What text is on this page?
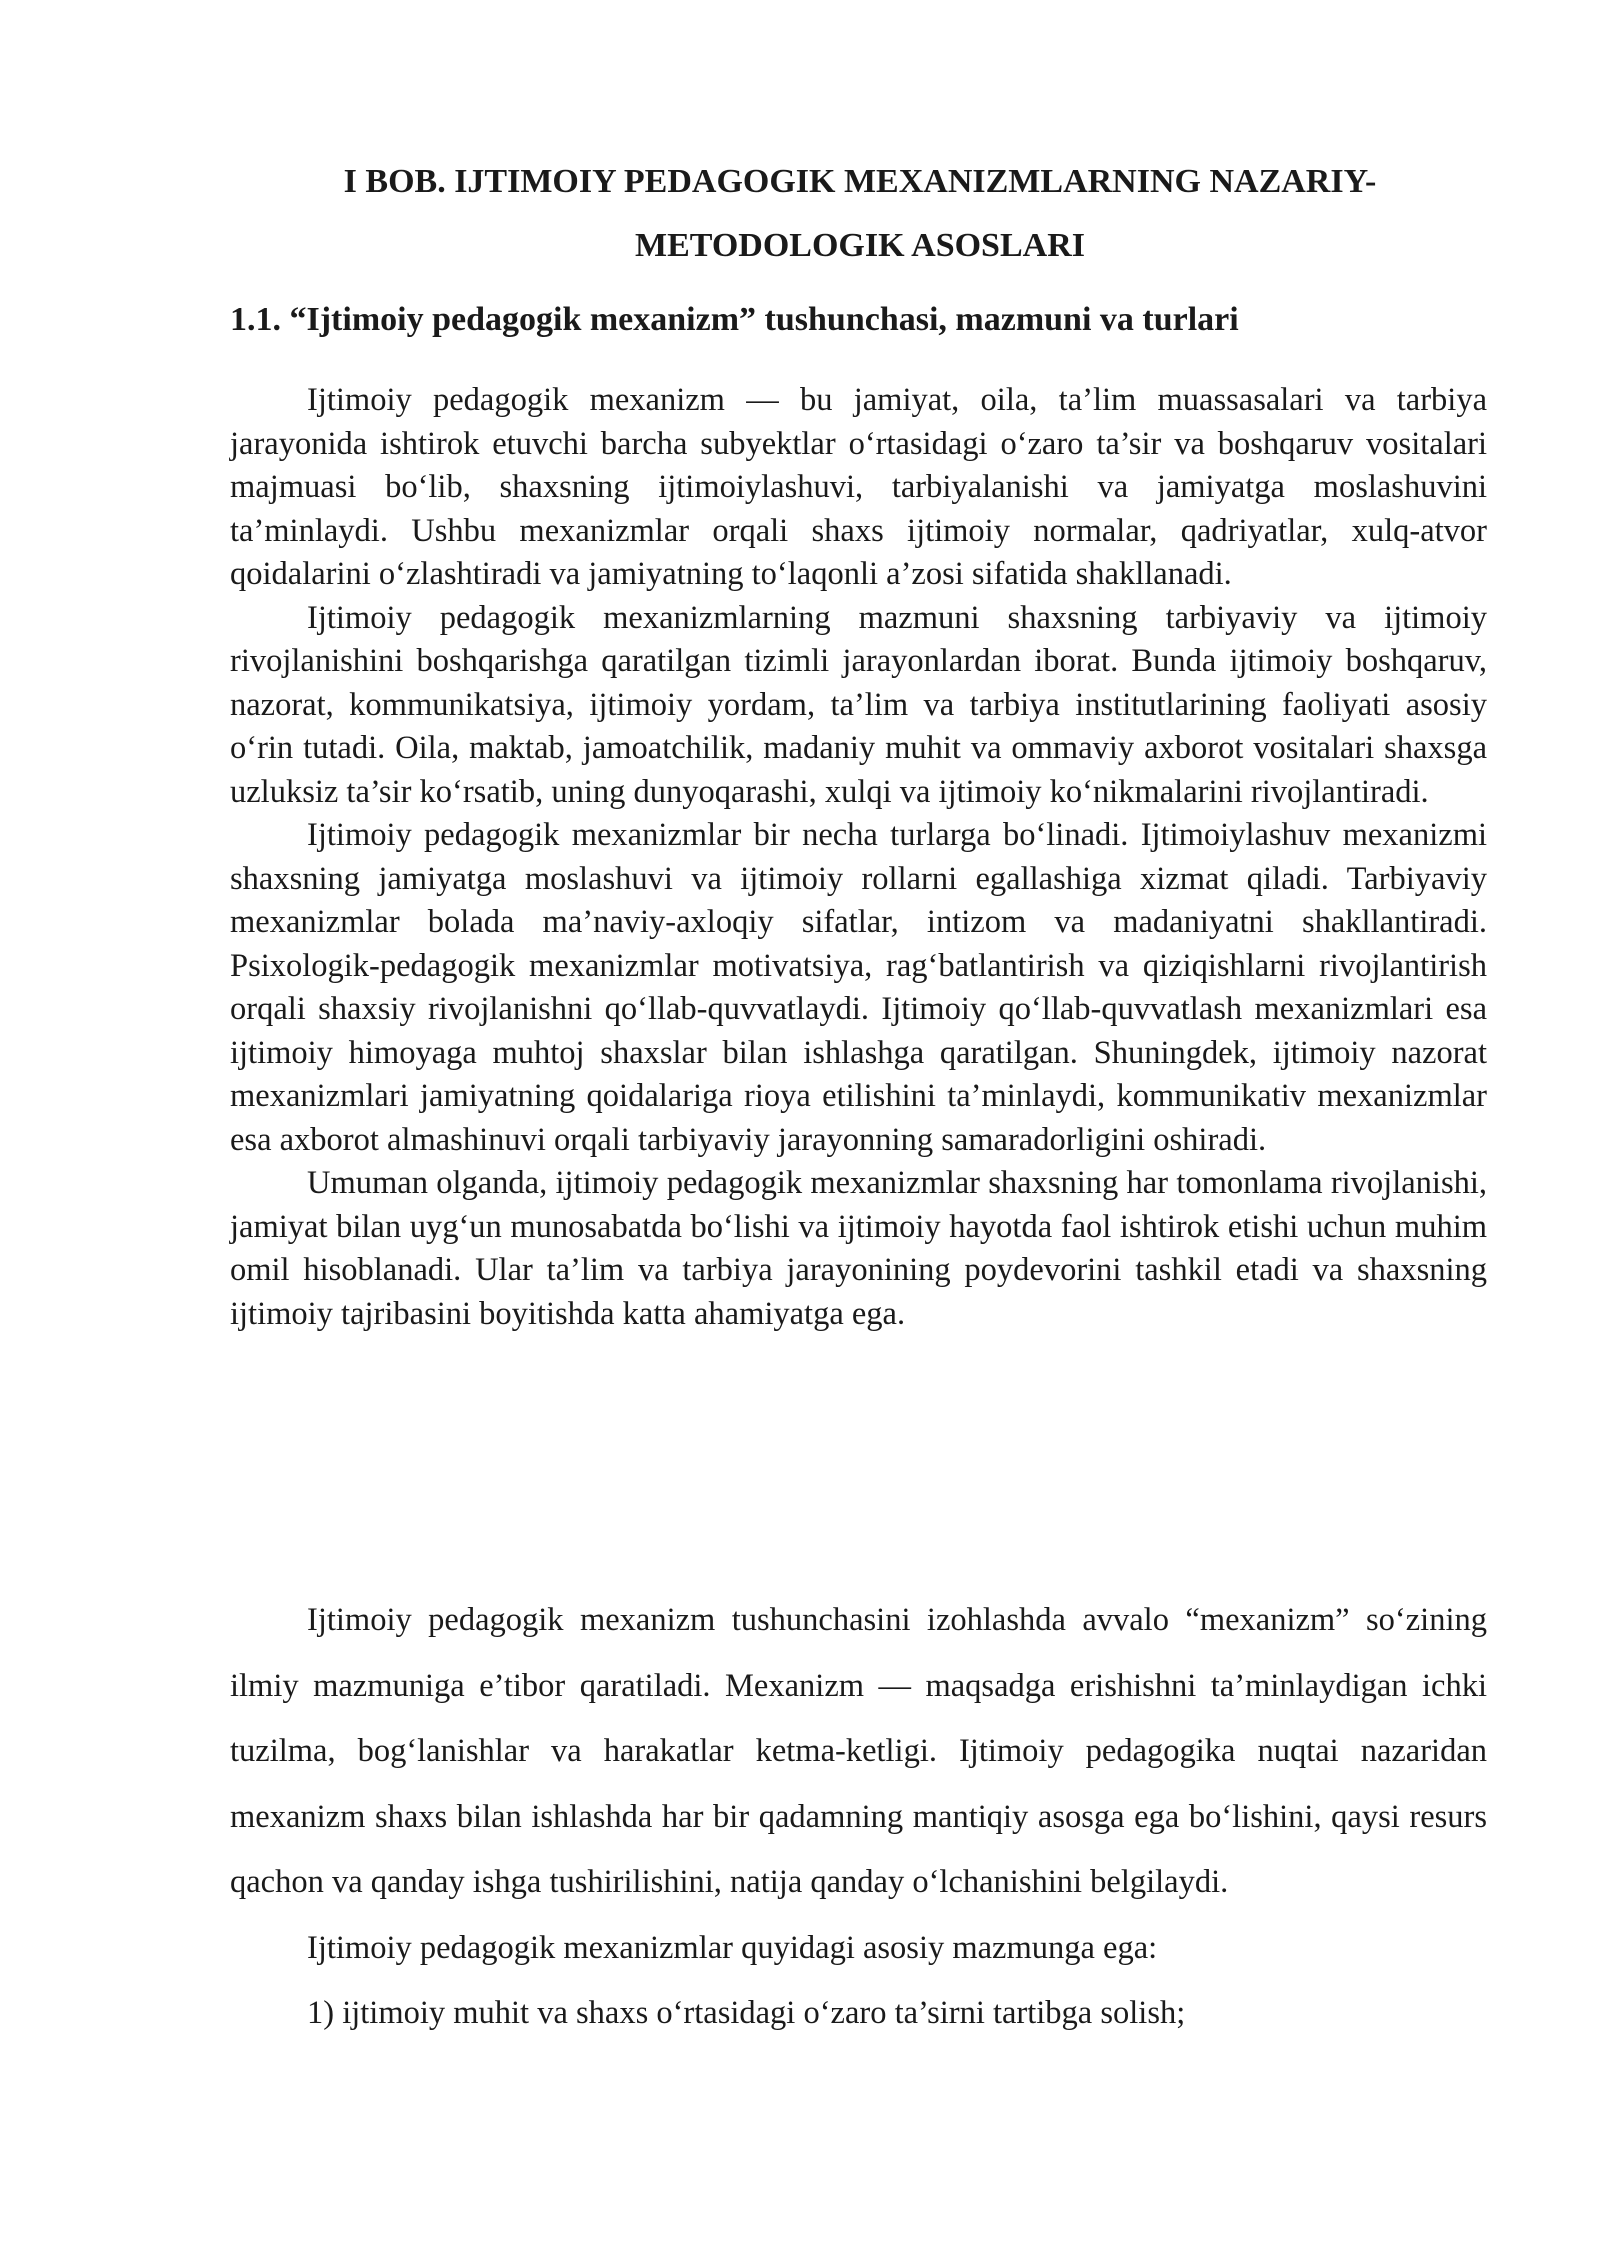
I BOB. IJTIMOIY PEDAGOGIK MEXANIZMLARNING NAZARIY-METODOLOGIK ASOSLARI
1.1. “Ijtimoiy pedagogik mexanizm” tushunchasi, mazmuni va turlari

Ijtimoiy pedagogik mexanizm — bu jamiyat, oila, ta’lim muassasalari va tarbiya jarayonida ishtirok etuvchi barcha subyektlar o‘rtasidagi o‘zaro ta’sir va boshqaruv vositalari majmuasi bo‘lib, shaxsning ijtimoiylashuvi, tarbiyalanishi va jamiyatga moslashuvini ta’minlaydi. Ushbu mexanizmlar orqali shaxs ijtimoiy normalar, qadriyatlar, xulq-atvor qoidalarini o‘zlashtiradi va jamiyatning to‘laqonli a’zosi sifatida shakllanadi.

Ijtimoiy pedagogik mexanizmlarning mazmuni shaxsning tarbiyaviy va ijtimoiy rivojlanishini boshqarishga qaratilgan tizimli jarayonlardan iborat. Bunda ijtimoiy boshqaruv, nazorat, kommunikatsiya, ijtimoiy yordam, ta’lim va tarbiya institutlarining faoliyati asosiy o‘rin tutadi. Oila, maktab, jamoatchilik, madaniy muhit va ommaviy axborot vositalari shaxsga uzluksiz ta’sir ko‘rsatib, uning dunyoqarashi, xulqi va ijtimoiy ko‘nikmalarini rivojlantiradi.

Ijtimoiy pedagogik mexanizmlar bir necha turlarga bo‘linadi. Ijtimoiylashuv mexanizmi shaxsning jamiyatga moslashuvi va ijtimoiy rollarni egallashiga xizmat qiladi. Tarbiyaviy mexanizmlar bolada ma’naviy-axloqiy sifatlar, intizom va madaniyatni shakllantiradi. Psixologik-pedagogik mexanizmlar motivatsiya, rag‘batlantirish va qiziqishlarni rivojlantirish orqali shaxsiy rivojlanishni qo‘llab-quvvatlaydi. Ijtimoiy qo‘llab-quvvatlash mexanizmlari esa ijtimoiy himoyaga muhtoj shaxslar bilan ishlashga qaratilgan. Shuningdek, ijtimoiy nazorat mexanizmlari jamiyatning qoidalariga rioya etilishini ta’minlaydi, kommunikativ mexanizmlar esa axborot almashinuvi orqali tarbiyaviy jarayonning samaradorligini oshiradi.

Umuman olganda, ijtimoiy pedagogik mexanizmlar shaxsning har tomonlama rivojlanishi, jamiyat bilan uyg‘un munosabatda bo‘lishi va ijtimoiy hayotda faol ishtirok etishi uchun muhim omil hisoblanadi. Ular ta’lim va tarbiya jarayonining poydevorini tashkil etadi va shaxsning ijtimoiy tajribasini boyitishda katta ahamiyatga ega.

Ijtimoiy pedagogik mexanizm tushunchasini izohlashda avvalo “mexanizm” so‘zining ilmiy mazmuniga e’tibor qaratiladi. Mexanizm — maqsadga erishishni ta’minlaydigan ichki tuzilma, bog‘lanishlar va harakatlar ketma-ketligi. Ijtimoiy pedagogika nuqtai nazaridan mexanizm shaxs bilan ishlashda har bir qadamning mantiqiy asosga ega bo‘lishini, qaysi resurs qachon va qanday ishga tushirilishini, natija qanday o‘lchanishini belgilaydi.

Ijtimoiy pedagogik mexanizmlar quyidagi asosiy mazmunga ega:

1) ijtimoiy muhit va shaxs o‘rtasidagi o‘zaro ta’sirni tartibga solish;
